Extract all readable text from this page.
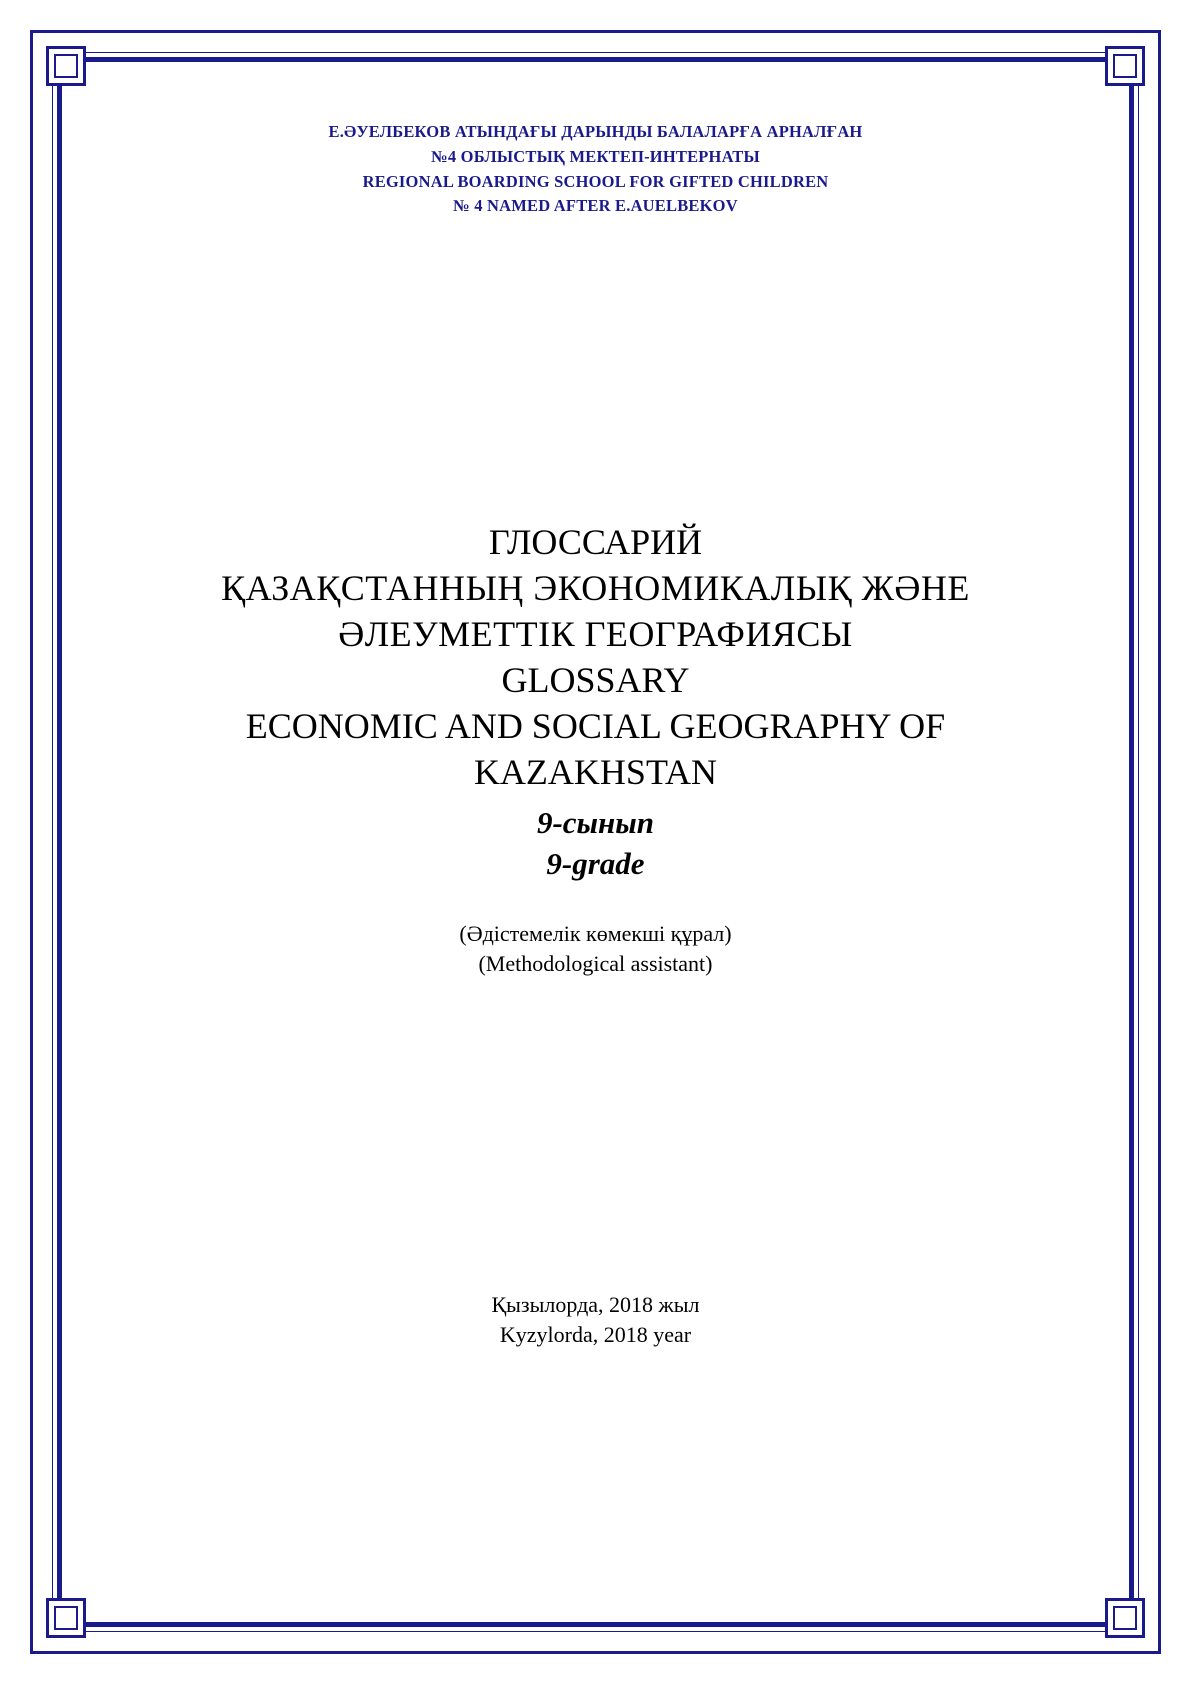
Е.ӘУЕЛБЕКОВ АТЫНДАҒЫ ДАРЫНДЫ БАЛАЛАРҒА АРНАЛҒАН
№4 ОБЛЫСТЫҚ МЕКТЕП-ИНТЕРНАТЫ
REGIONAL BOARDING SCHOOL FOR GIFTED CHILDREN
№ 4 NAMED AFTER E.AUELBEKOV
ГЛОССАРИЙ
ҚАЗАҚСТАННЫҢ ЭКОНОМИКАЛЫҚ ЖӘНЕ
ӘЛЕУМЕТТІК ГЕОГРАФИЯСЫ
GLOSSARY
ECONOMIC AND SOCIAL GEOGRAPHY OF
KAZAKHSTAN
9-сынып
9-grade
(Әдістемелік көмекші құрал)
(Methodological assistant)
Қызылорда, 2018 жыл
Kyzylorda, 2018 year
